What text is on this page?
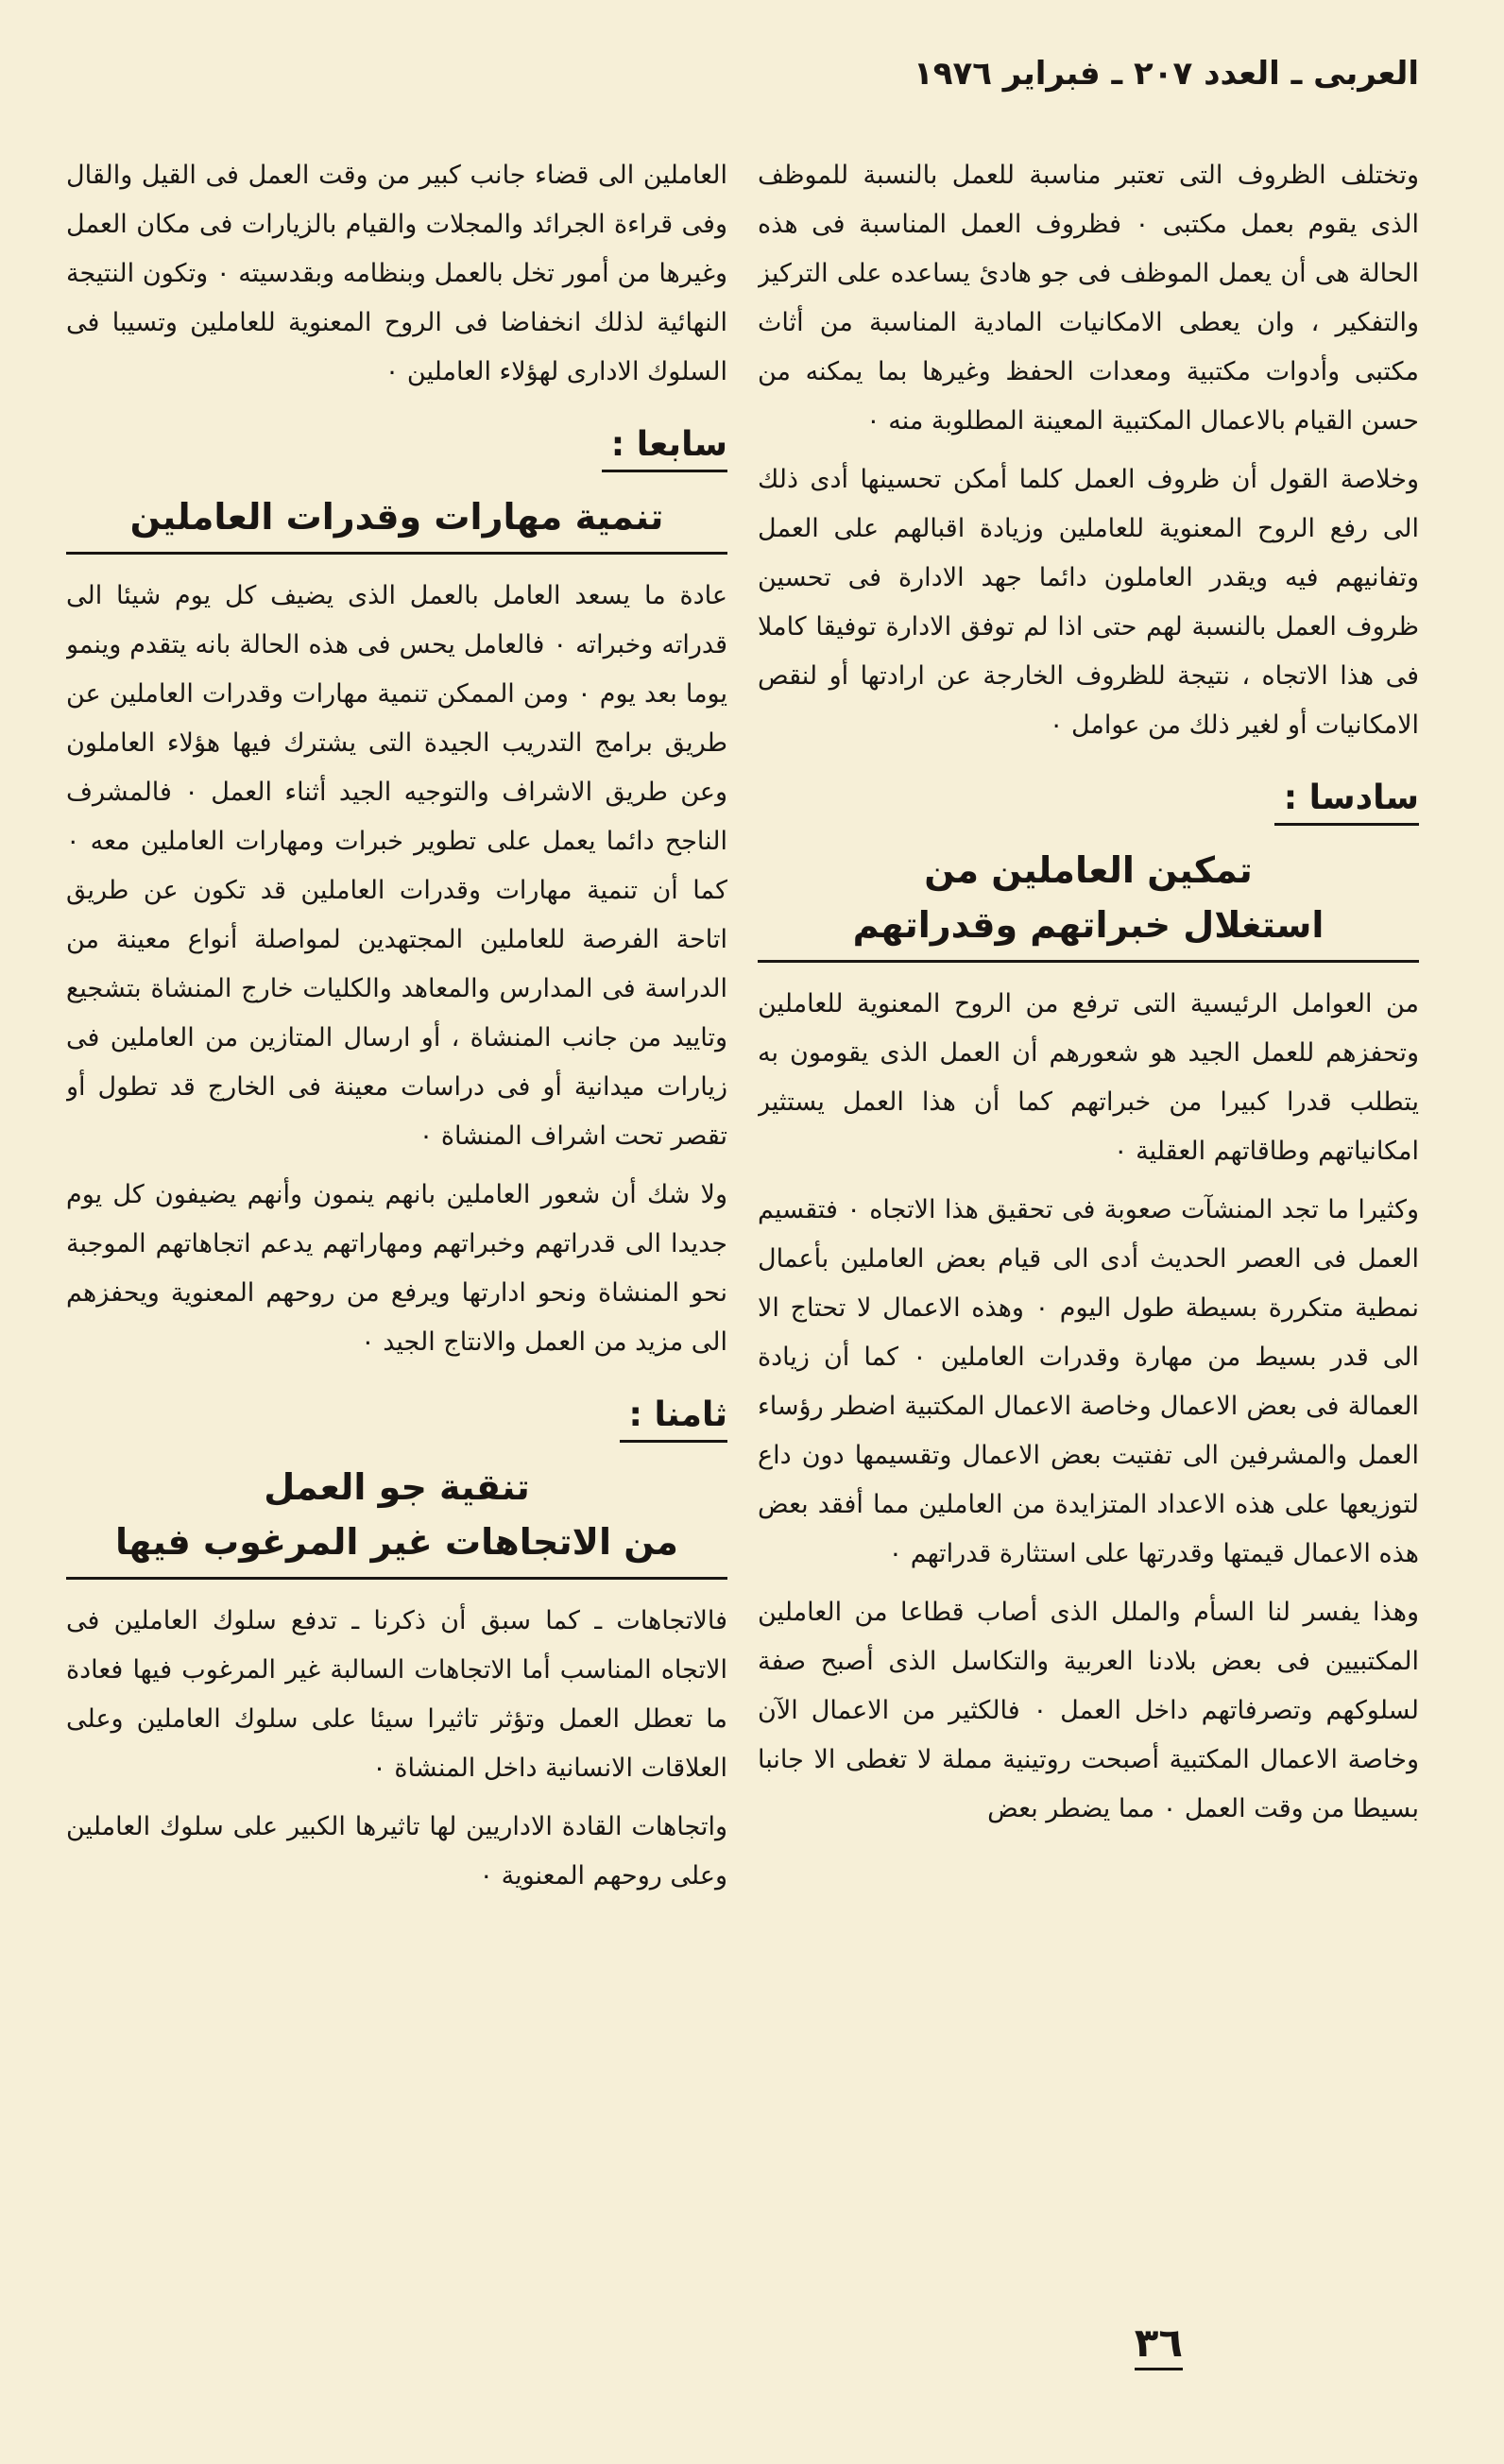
العربى ـ العدد ٢٠٧ ـ فبراير ١٩٧٦

وتختلف الظروف التى تعتبر مناسبة للعمل بالنسبة للموظف الذى يقوم بعمل مكتبى ٠ فظروف العمل المناسبة فى هذه الحالة هى أن يعمل الموظف فى جو هادئ يساعده على التركيز والتفكير ، وان يعطى الامكانيات المادية المناسبة من أثاث مكتبى وأدوات مكتبية ومعدات الحفظ وغيرها بما يمكنه من حسن القيام بالاعمال المكتبية المعينة المطلوبة منه ٠

وخلاصة القول أن ظروف العمل كلما أمكن تحسينها أدى ذلك الى رفع الروح المعنوية للعاملين وزيادة اقبالهم على العمل وتفانيهم فيه ويقدر العاملون دائما جهد الادارة فى تحسين ظروف العمل بالنسبة لهم حتى اذا لم توفق الادارة توفيقا كاملا فى هذا الاتجاه ، نتيجة للظروف الخارجة عن ارادتها أو لنقص الامكانيات أو لغير ذلك من عوامل ٠

سادسا :
تمكين العاملين من
استغلال خبراتهم وقدراتهم

من العوامل الرئيسية التى ترفع من الروح المعنوية للعاملين وتحفزهم للعمل الجيد هو شعورهم أن العمل الذى يقومون به يتطلب قدرا كبيرا من خبراتهم كما أن هذا العمل يستثير امكانياتهم وطاقاتهم العقلية ٠

وكثيرا ما تجد المنشآت صعوبة فى تحقيق هذا الاتجاه ٠ فتقسيم العمل فى العصر الحديث أدى الى قيام بعض العاملين بأعمال نمطية متكررة بسيطة طول اليوم ٠ وهذه الاعمال لا تحتاج الا الى قدر بسيط من مهارة وقدرات العاملين ٠ كما أن زيادة العمالة فى بعض الاعمال وخاصة الاعمال المكتبية اضطر رؤساء العمل والمشرفين الى تفتيت بعض الاعمال وتقسيمها دون داع لتوزيعها على هذه الاعداد المتزايدة من العاملين مما أفقد بعض هذه الاعمال قيمتها وقدرتها على استثارة قدراتهم ٠

وهذا يفسر لنا السأم والملل الذى أصاب قطاعا من العاملين المكتبيين فى بعض بلادنا العربية والتكاسل الذى أصبح صفة لسلوكهم وتصرفاتهم داخل العمل ٠ فالكثير من الاعمال الآن وخاصة الاعمال المكتبية أصبحت روتينية مملة لا تغطى الا جانبا بسيطا من وقت العمل ٠ مما يضطر بعض

العاملين الى قضاء جانب كبير من وقت العمل فى القيل والقال وفى قراءة الجرائد والمجلات والقيام بالزيارات فى مكان العمل وغيرها من أمور تخل بالعمل وبنظامه وبقدسيته ٠ وتكون النتيجة النهائية لذلك انخفاضا فى الروح المعنوية للعاملين وتسيبا فى السلوك الادارى لهؤلاء العاملين ٠

سابعا :
تنمية مهارات وقدرات العاملين

عادة ما يسعد العامل بالعمل الذى يضيف كل يوم شيئا الى قدراته وخبراته ٠ فالعامل يحس فى هذه الحالة بانه يتقدم وينمو يوما بعد يوم ٠ ومن الممكن تنمية مهارات وقدرات العاملين عن طريق برامج التدريب الجيدة التى يشترك فيها هؤلاء العاملون وعن طريق الاشراف والتوجيه الجيد أثناء العمل ٠ فالمشرف الناجح دائما يعمل على تطوير خبرات ومهارات العاملين معه ٠ كما أن تنمية مهارات وقدرات العاملين قد تكون عن طريق اتاحة الفرصة للعاملين المجتهدين لمواصلة أنواع معينة من الدراسة فى المدارس والمعاهد والكليات خارج المنشاة بتشجيع وتاييد من جانب المنشاة ، أو ارسال المتازين من العاملين فى زيارات ميدانية أو فى دراسات معينة فى الخارج قد تطول أو تقصر تحت اشراف المنشاة ٠

ولا شك أن شعور العاملين بانهم ينمون وأنهم يضيفون كل يوم جديدا الى قدراتهم وخبراتهم ومهاراتهم يدعم اتجاهاتهم الموجبة نحو المنشاة ونحو ادارتها ويرفع من روحهم المعنوية ويحفزهم الى مزيد من العمل والانتاج الجيد ٠

ثامنا :
تنقية جو العمل
من الاتجاهات غير المرغوب فيها

فالاتجاهات ـ كما سبق أن ذكرنا ـ تدفع سلوك العاملين فى الاتجاه المناسب أما الاتجاهات السالبة غير المرغوب فيها فعادة ما تعطل العمل وتؤثر تاثيرا سيئا على سلوك العاملين وعلى العلاقات الانسانية داخل المنشاة ٠

واتجاهات القادة الاداريين لها تاثيرها الكبير على سلوك العاملين وعلى روحهم المعنوية ٠

٣٦
